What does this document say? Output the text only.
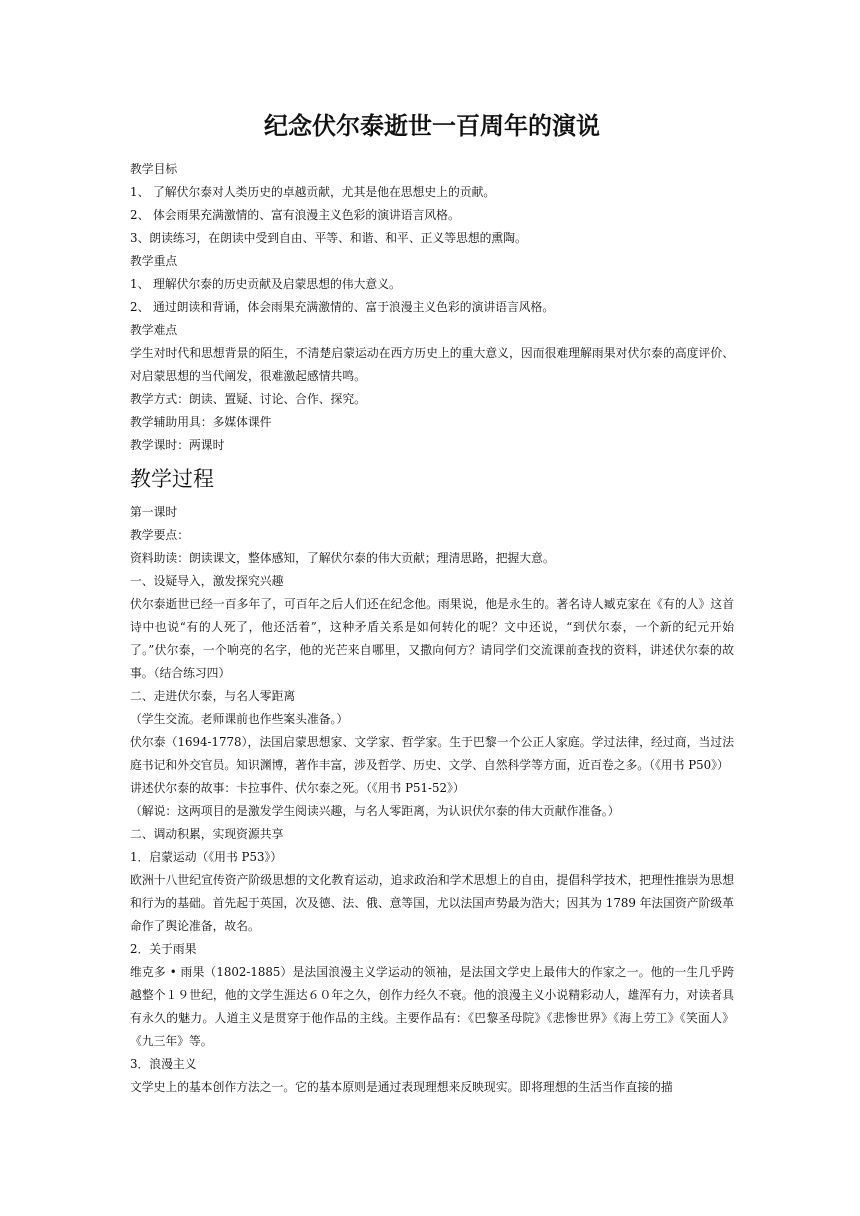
纪念伏尔泰逝世一百周年的演说

教学目标

1、 了解伏尔泰对人类历史的卓越贡献，尤其是他在思想史上的贡献。

2、 体会雨果充满激情的、富有浪漫主义色彩的演讲语言风格。

3、朗读练习，在朗读中受到自由、平等、和谐、和平、正义等思想的熏陶。

教学重点

1、 理解伏尔泰的历史贡献及启蒙思想的伟大意义。

2、 通过朗读和背诵，体会雨果充满激情的、富于浪漫主义色彩的演讲语言风格。

教学难点

学生对时代和思想背景的陌生，不清楚启蒙运动在西方历史上的重大意义，因而很难理解雨果对伏尔泰的高度评价、对启蒙思想的当代阐发，很难激起感情共鸣。

教学方式：朗读、置疑、讨论、合作、探究。

教学辅助用具：多媒体课件

教学课时：两课时

教学过程

第一课时

教学要点：

资料助读：朗读课文，整体感知，了解伏尔泰的伟大贡献；理清思路，把握大意。

一、设疑导入，激发探究兴趣

伏尔泰逝世已经一百多年了，可百年之后人们还在纪念他。雨果说，他是永生的。著名诗人臧克家在《有的人》这首诗中也说“有的人死了，他还活着”，这种矛盾关系是如何转化的呢？文中还说，“到伏尔泰，一个新的纪元开始了。”伏尔泰，一个响亮的名字，他的光芒来自哪里，又撒向何方？请同学们交流课前查找的资料，讲述伏尔泰的故事。（结合练习四）

二、走进伏尔泰，与名人零距离

（学生交流。老师课前也作些案头准备。）

伏尔泰（1694-1778），法国启蒙思想家、文学家、哲学家。生于巴黎一个公正人家庭。学过法律，经过商，当过法庭书记和外交官员。知识渊博，著作丰富，涉及哲学、历史、文学、自然科学等方面，近百卷之多。（《用书 P50》）

讲述伏尔泰的故事：卡拉事件、伏尔泰之死。（《用书 P51-52》）

（解说：这两项目的是激发学生阅读兴趣，与名人零距离，为认识伏尔泰的伟大贡献作准备。）

二、调动积累，实现资源共享

1．启蒙运动（《用书 P53》）

欧洲十八世纪宣传资产阶级思想的文化教育运动，追求政治和学术思想上的自由，提倡科学技术，把理性推崇为思想和行为的基础。首先起于英国，次及德、法、俄、意等国，尤以法国声势最为浩大；因其为 1789 年法国资产阶级革命作了舆论准备，故名。

2．关于雨果

维克多 • 雨果（1802-1885）是法国浪漫主义学运动的领袖，是法国文学史上最伟大的作家之一。他的一生几乎跨越整个１９世纪，他的文学生涯达６０年之久，创作力经久不衰。他的浪漫主义小说精彩动人，雄浑有力，对读者具有永久的魅力。人道主义是贯穿于他作品的主线。主要作品有：《巴黎圣母院》《悲惨世界》《海上劳工》《笑面人》《九三年》等。

3．浪漫主义

文学史上的基本创作方法之一。它的基本原则是通过表现理想来反映现实。即将理想的生活当作直接的描
